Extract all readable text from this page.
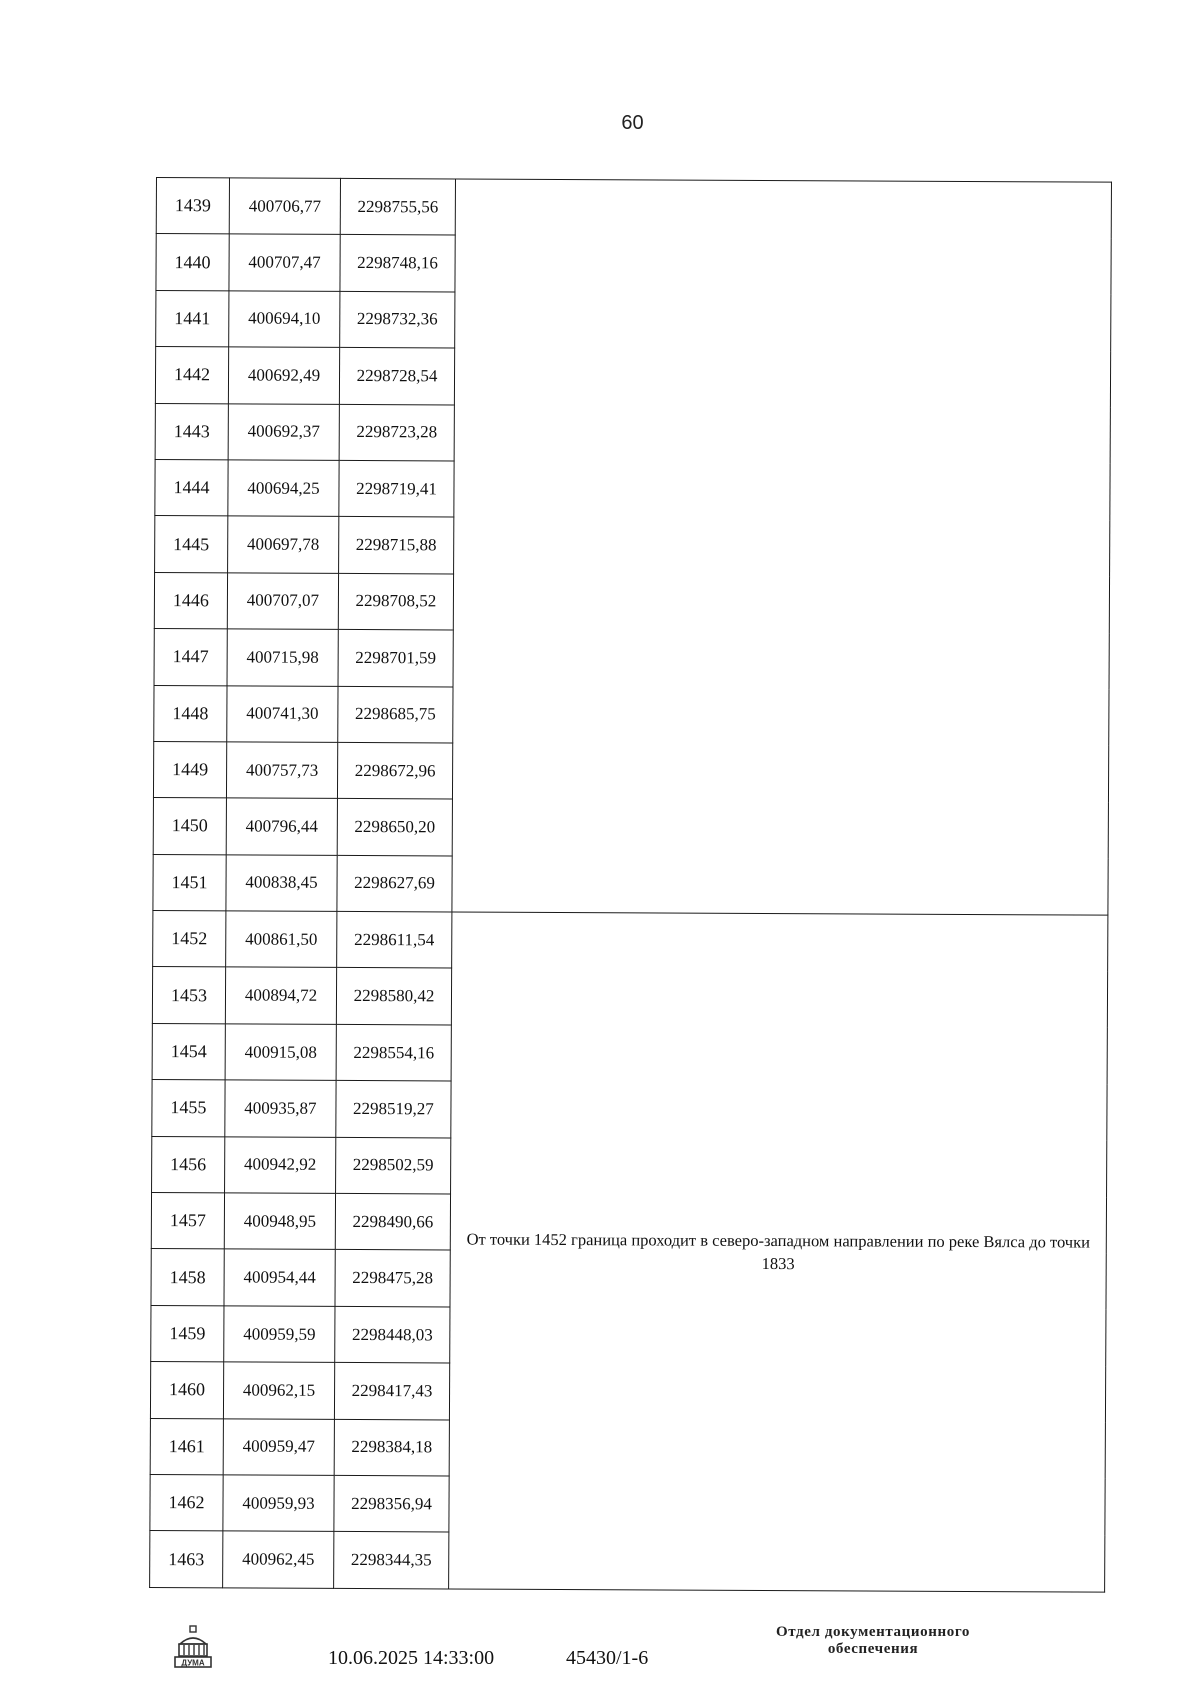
60
1439	400706,77	2298755,56	
1440	400707,47	2298748,16	
1441	400694,10	2298732,36	
1442	400692,49	2298728,54	
1443	400692,37	2298723,28	
1444	400694,25	2298719,41	
1445	400697,78	2298715,88	
1446	400707,07	2298708,52	
1447	400715,98	2298701,59	
1448	400741,30	2298685,75	
1449	400757,73	2298672,96	
1450	400796,44	2298650,20	
1451	400838,45	2298627,69	
1452	400861,50	2298611,54	От точки 1452 граница проходит в северо-западном направлении по реке Вялса до точки 1833
1453	400894,72	2298580,42	
1454	400915,08	2298554,16	
1455	400935,87	2298519,27	
1456	400942,92	2298502,59	
1457	400948,95	2298490,66	
1458	400954,44	2298475,28	
1459	400959,59	2298448,03	
1460	400962,15	2298417,43	
1461	400959,47	2298384,18	
1462	400959,93	2298356,94	
1463	400962,45	2298344,35	
ДУМА	10.06.2025 14:33:00	45430/1-6
Отдел документационного
обеспечения
